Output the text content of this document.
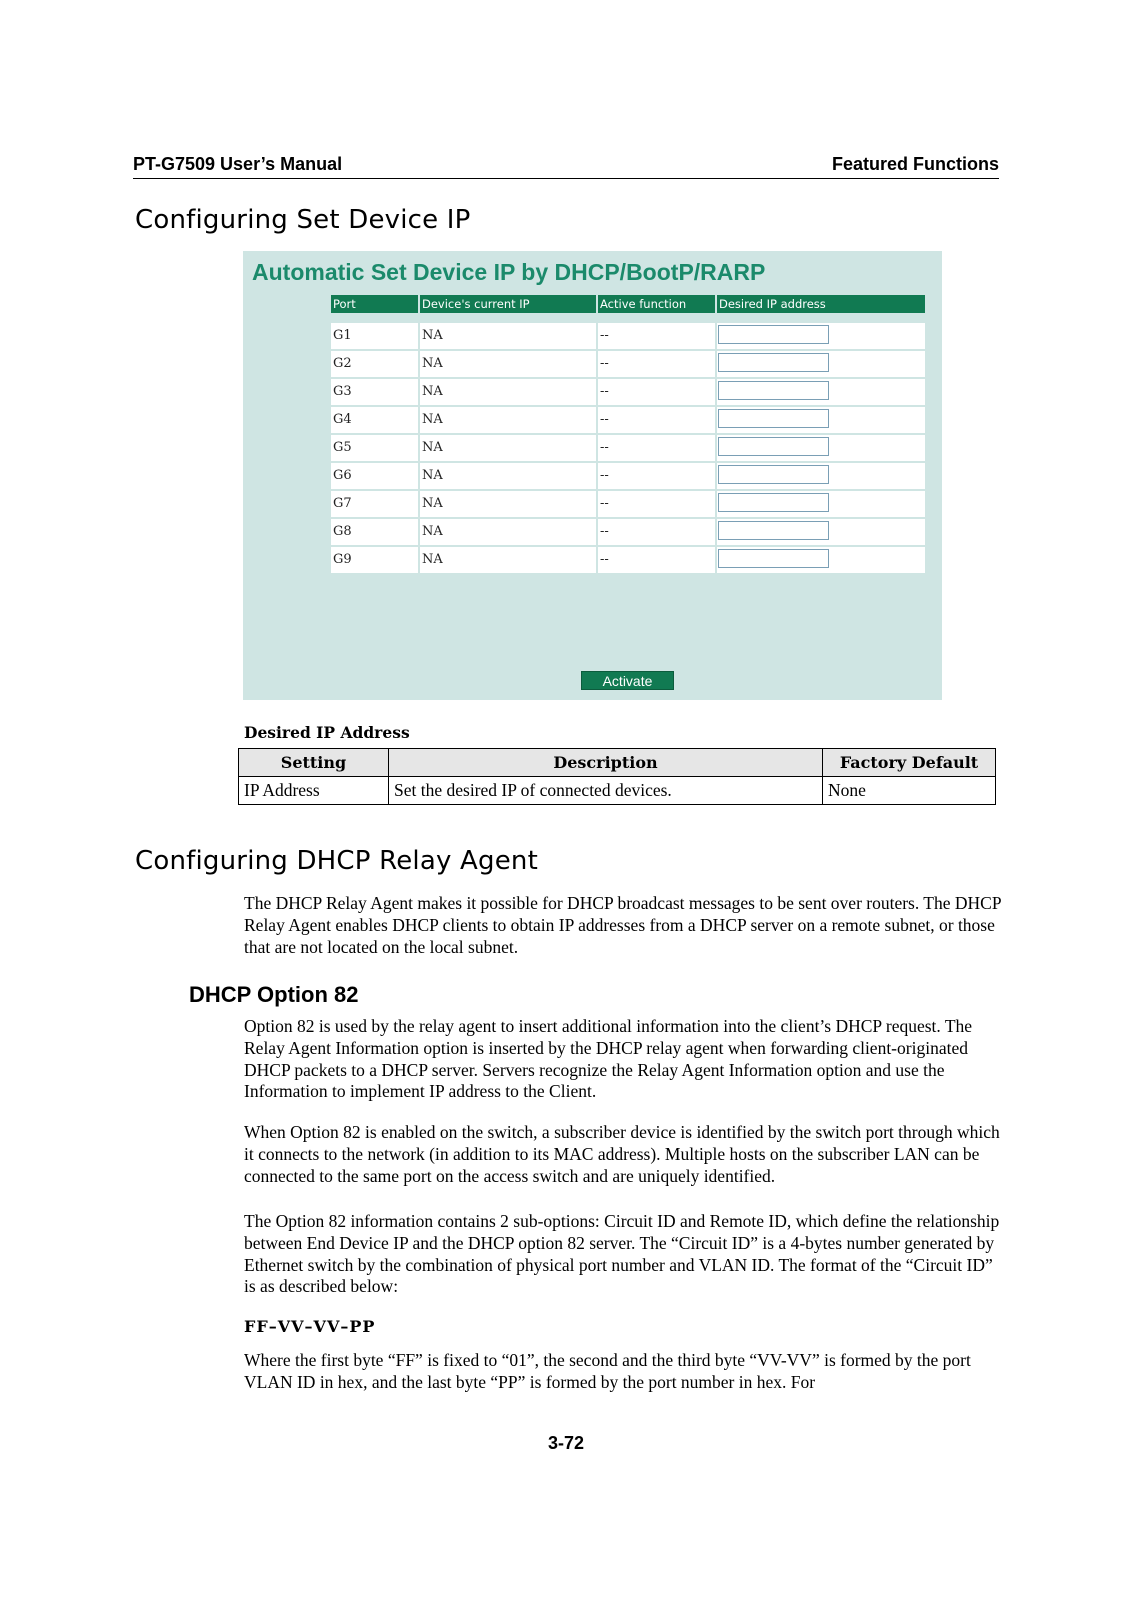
PT-G7509 User’s Manual	Featured Functions
Configuring Set Device IP
Automatic Set Device IP by DHCP/BootP/RARP
Port	Device's current IP	Active function	Desired IP address
G1	NA	--
G2	NA	--
G3	NA	--
G4	NA	--
G5	NA	--
G6	NA	--
G7	NA	--
G8	NA	--
G9	NA	--
Activate
Desired IP Address
Setting	Description	Factory Default
IP Address	Set the desired IP of connected devices.	None
Configuring DHCP Relay Agent

The DHCP Relay Agent makes it possible for DHCP broadcast messages to be sent over routers. The DHCP Relay Agent enables DHCP clients to obtain IP addresses from a DHCP server on a remote subnet, or those that are not located on the local subnet.

DHCP Option 82

Option 82 is used by the relay agent to insert additional information into the client’s DHCP request. The Relay Agent Information option is inserted by the DHCP relay agent when forwarding client-originated DHCP packets to a DHCP server. Servers recognize the Relay Agent Information option and use the Information to implement IP address to the Client.

When Option 82 is enabled on the switch, a subscriber device is identified by the switch port through which it connects to the network (in addition to its MAC address). Multiple hosts on the subscriber LAN can be connected to the same port on the access switch and are uniquely identified.

The Option 82 information contains 2 sub-options: Circuit ID and Remote ID, which define the relationship between End Device IP and the DHCP option 82 server. The “Circuit ID” is a 4-bytes number generated by Ethernet switch by the combination of physical port number and VLAN ID. The format of the “Circuit ID” is as described below:

FF–VV–VV–PP

Where the first byte “FF” is fixed to “01”, the second and the third byte “VV-VV” is formed by the port VLAN ID in hex, and the last byte “PP” is formed by the port number in hex. For

3-72
